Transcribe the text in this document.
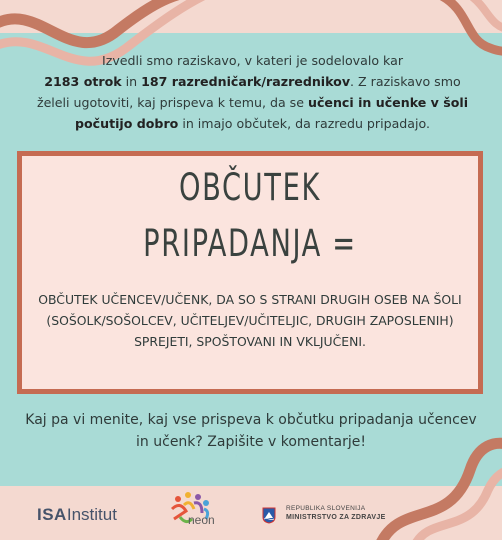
Izvedli smo raziskavo, v kateri je sodelovalo kar
2183 otrok in 187 razredničark/razrednikov. Z raziskavo smo želeli ugotoviti, kaj prispeva k temu, da se učenci in učenke v šoli počutijo dobro in imajo občutek, da razredu pripadajo.
OBČUTEK
PRIPADANJA =
OBČUTEK UČENCEV/UČENK, DA SO S STRANI DRUGIH OSEB NA ŠOLI (SOŠOLK/SOŠOLCEV, UČITELJEV/UČITELJIC, DRUGIH ZAPOSLENIH) SPREJETI, SPOŠTOVANI IN VKLJUČENI.
Kaj pa vi menite, kaj vse prispeva k občutku pripadanja učencev in učenk? Zapišite v komentarje!
ISAInstitut	neon
REPUBLIKA SLOVENIJA
MINISTRSTVO ZA ZDRAVJE
